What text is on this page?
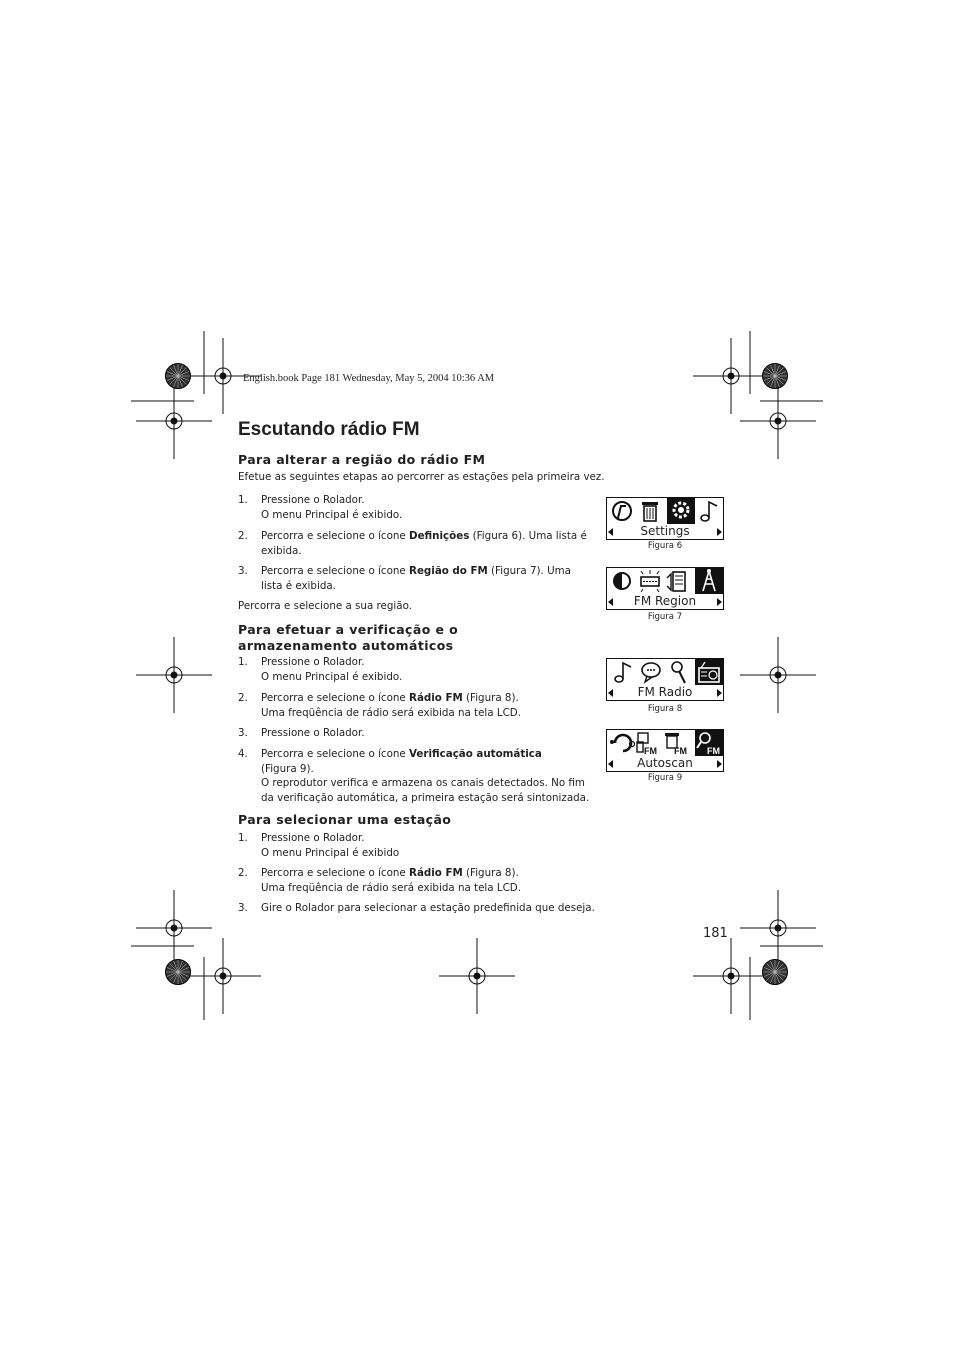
English.book Page 181 Wednesday, May 5, 2004 10:36 AM
Escutando rádio FM
Para alterar a região do rádio FM
Efetue as seguintes etapas ao percorrer as estações pela primeira vez.
1.	Pressione o Rolador.
O menu Principal é exibido.
2.	Percorra e selecione o ícone Definições (Figura 6). Uma lista é
exibida.
3.	Percorra e selecione o ícone Região do FM (Figura 7). Uma
lista é exibida.
Percorra e selecione a sua região.
Para efetuar a verificação e o
armazenamento automáticos
1.	Pressione o Rolador.
O menu Principal é exibido.
2.	Percorra e selecione o ícone Rádio FM (Figura 8).
Uma freqüência de rádio será exibida na tela LCD.
3.	Pressione o Rolador.
4.	Percorra e selecione o ícone Verificação automática
(Figura 9).
O reprodutor verifica e armazena os canais detectados. No fim
da verificação automática, a primeira estação será sintonizada.
Para selecionar uma estação
1.	Pressione o Rolador.
O menu Principal é exibido
2.	Percorra e selecione o ícone Rádio FM (Figura 8).
Uma freqüência de rádio será exibida na tela LCD.
3.	Gire o Rolador para selecionar a estação predefinida que deseja.
Settings
Figura 6
FM Region
Figura 7
FM Radio
Figura 8
FM FM FM
Autoscan
Figura 9
181
